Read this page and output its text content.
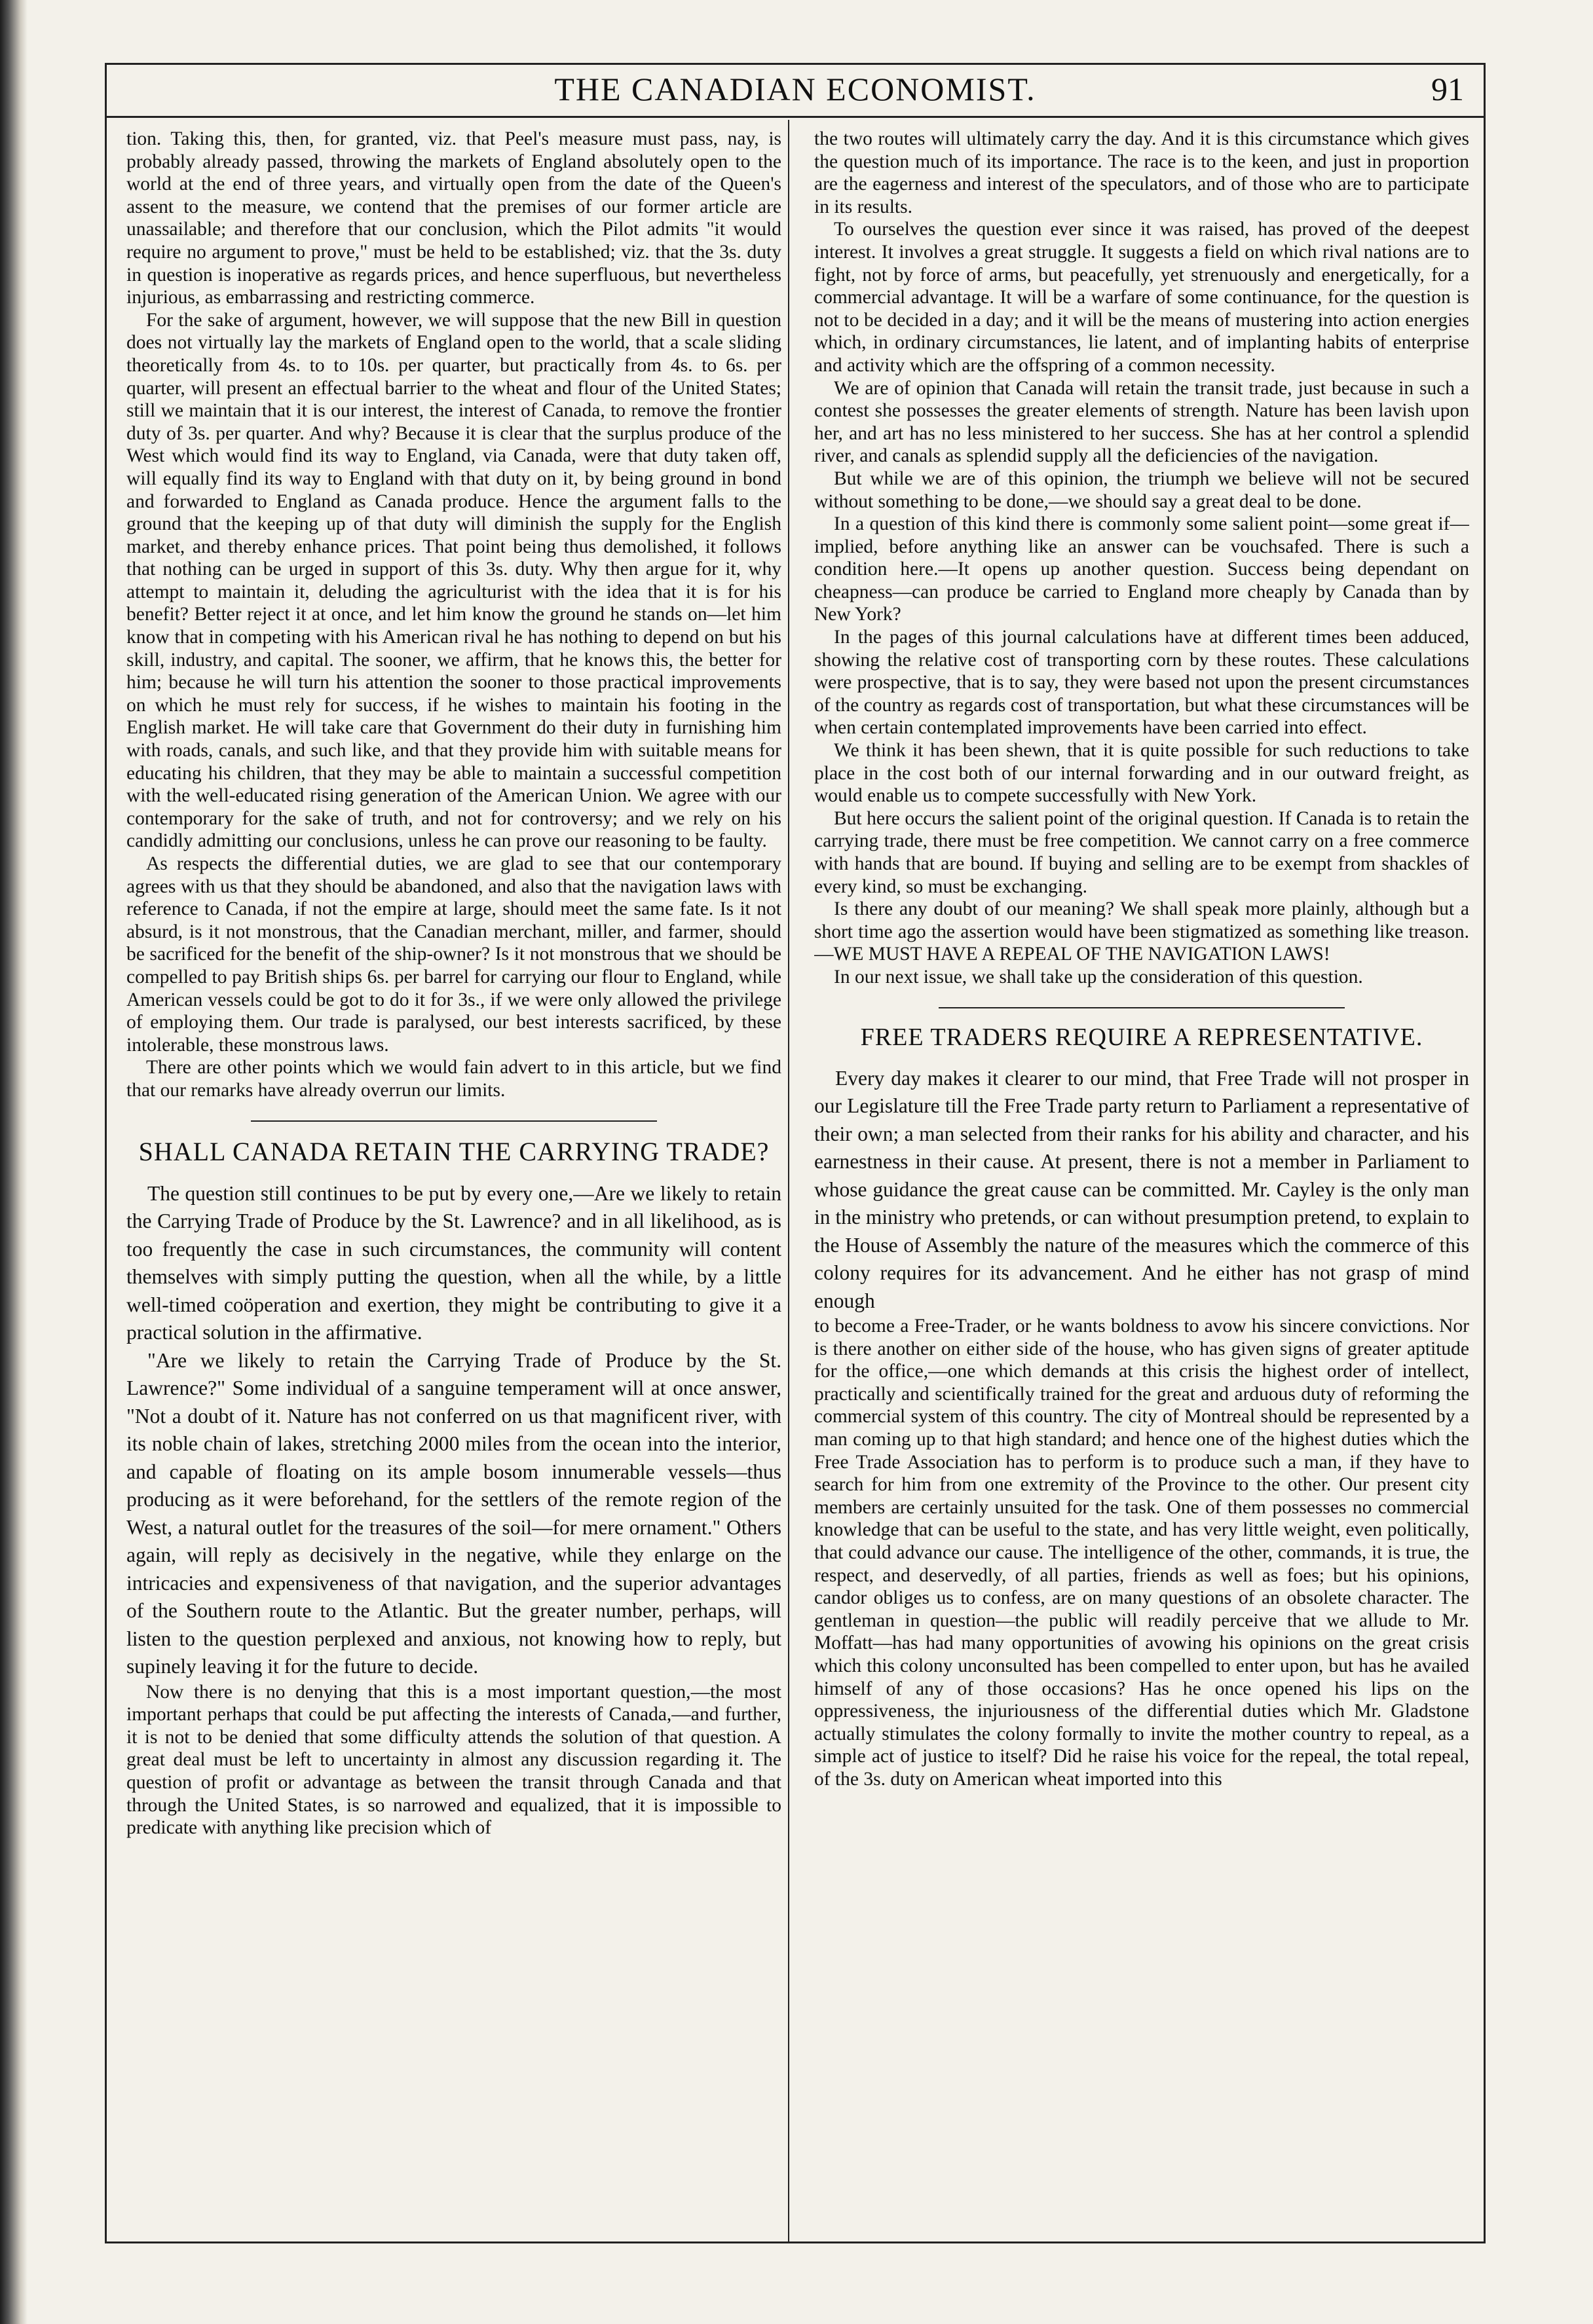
THE CANADIAN ECONOMIST.	91

tion. Taking this, then, for granted, viz. that Peel's measure must pass, nay, is probably already passed, throwing the markets of England absolutely open to the world at the end of three years, and virtually open from the date of the Queen's assent to the measure, we contend that the premises of our former article are unassailable; and therefore that our conclusion, which the Pilot admits "it would require no argument to prove," must be held to be established; viz. that the 3s. duty in question is inoperative as regards prices, and hence superfluous, but nevertheless injurious, as embarrassing and restricting commerce.

For the sake of argument, however, we will suppose that the new Bill in question does not virtually lay the markets of England open to the world, that a scale sliding theoretically from 4s. to to 10s. per quarter, but practically from 4s. to 6s. per quarter, will present an effectual barrier to the wheat and flour of the United States; still we maintain that it is our interest, the interest of Canada, to remove the frontier duty of 3s. per quarter. And why? Because it is clear that the surplus produce of the West which would find its way to England, via Canada, were that duty taken off, will equally find its way to England with that duty on it, by being ground in bond and forwarded to England as Canada produce. Hence the argument falls to the ground that the keeping up of that duty will diminish the supply for the English market, and thereby enhance prices. That point being thus demolished, it follows that nothing can be urged in support of this 3s. duty. Why then argue for it, why attempt to maintain it, deluding the agriculturist with the idea that it is for his benefit? Better reject it at once, and let him know the ground he stands on—let him know that in competing with his American rival he has nothing to depend on but his skill, industry, and capital. The sooner, we affirm, that he knows this, the better for him; because he will turn his attention the sooner to those practical improvements on which he must rely for success, if he wishes to maintain his footing in the English market. He will take care that Government do their duty in furnishing him with roads, canals, and such like, and that they provide him with suitable means for educating his children, that they may be able to maintain a successful competition with the well-educated rising generation of the American Union. We agree with our contemporary for the sake of truth, and not for controversy; and we rely on his candidly admitting our conclusions, unless he can prove our reasoning to be faulty.

As respects the differential duties, we are glad to see that our contemporary agrees with us that they should be abandoned, and also that the navigation laws with reference to Canada, if not the empire at large, should meet the same fate. Is it not absurd, is it not monstrous, that the Canadian merchant, miller, and farmer, should be sacrificed for the benefit of the ship-owner? Is it not monstrous that we should be compelled to pay British ships 6s. per barrel for carrying our flour to England, while American vessels could be got to do it for 3s., if we were only allowed the privilege of employing them. Our trade is paralysed, our best interests sacrificed, by these intolerable, these monstrous laws.

There are other points which we would fain advert to in this article, but we find that our remarks have already overrun our limits.

SHALL CANADA RETAIN THE CARRYING TRADE?

The question still continues to be put by every one,—Are we likely to retain the Carrying Trade of Produce by the St. Lawrence? and in all likelihood, as is too frequently the case in such circumstances, the community will content themselves with simply putting the question, when all the while, by a little well-timed coöperation and exertion, they might be contributing to give it a practical solution in the affirmative.

"Are we likely to retain the Carrying Trade of Produce by the St. Lawrence?" Some individual of a sanguine temperament will at once answer, "Not a doubt of it. Nature has not conferred on us that magnificent river, with its noble chain of lakes, stretching 2000 miles from the ocean into the interior, and capable of floating on its ample bosom innumerable vessels—thus producing as it were beforehand, for the settlers of the remote region of the West, a natural outlet for the treasures of the soil—for mere ornament." Others again, will reply as decisively in the negative, while they enlarge on the intricacies and expensiveness of that navigation, and the superior advantages of the Southern route to the Atlantic. But the greater number, perhaps, will listen to the question perplexed and anxious, not knowing how to reply, but supinely leaving it for the future to decide.

Now there is no denying that this is a most important question,—the most important perhaps that could be put affecting the interests of Canada,—and further, it is not to be denied that some difficulty attends the solution of that question. A great deal must be left to uncertainty in almost any discussion regarding it. The question of profit or advantage as between the transit through Canada and that through the United States, is so narrowed and equalized, that it is impossible to predicate with anything like precision which of

the two routes will ultimately carry the day. And it is this circumstance which gives the question much of its importance. The race is to the keen, and just in proportion are the eagerness and interest of the speculators, and of those who are to participate in its results.

To ourselves the question ever since it was raised, has proved of the deepest interest. It involves a great struggle. It suggests a field on which rival nations are to fight, not by force of arms, but peacefully, yet strenuously and energetically, for a commercial advantage. It will be a warfare of some continuance, for the question is not to be decided in a day; and it will be the means of mustering into action energies which, in ordinary circumstances, lie latent, and of implanting habits of enterprise and activity which are the offspring of a common necessity.

We are of opinion that Canada will retain the transit trade, just because in such a contest she possesses the greater elements of strength. Nature has been lavish upon her, and art has no less ministered to her success. She has at her control a splendid river, and canals as splendid supply all the deficiencies of the navigation.

But while we are of this opinion, the triumph we believe will not be secured without something to be done,—we should say a great deal to be done.

In a question of this kind there is commonly some salient point—some great if—implied, before anything like an answer can be vouchsafed. There is such a condition here.—It opens up another question. Success being dependant on cheapness—can produce be carried to England more cheaply by Canada than by New York?

In the pages of this journal calculations have at different times been adduced, showing the relative cost of transporting corn by these routes. These calculations were prospective, that is to say, they were based not upon the present circumstances of the country as regards cost of transportation, but what these circumstances will be when certain contemplated improvements have been carried into effect.

We think it has been shewn, that it is quite possible for such reductions to take place in the cost both of our internal forwarding and in our outward freight, as would enable us to compete successfully with New York.

But here occurs the salient point of the original question. If Canada is to retain the carrying trade, there must be free competition. We cannot carry on a free commerce with hands that are bound. If buying and selling are to be exempt from shackles of every kind, so must be exchanging.

Is there any doubt of our meaning? We shall speak more plainly, although but a short time ago the assertion would have been stigmatized as something like treason.—WE MUST HAVE A REPEAL OF THE NAVIGATION LAWS!

In our next issue, we shall take up the consideration of this question.

FREE TRADERS REQUIRE A REPRESENTATIVE.

Every day makes it clearer to our mind, that Free Trade will not prosper in our Legislature till the Free Trade party return to Parliament a representative of their own; a man selected from their ranks for his ability and character, and his earnestness in their cause. At present, there is not a member in Parliament to whose guidance the great cause can be committed. Mr. Cayley is the only man in the ministry who pretends, or can without presumption pretend, to explain to the House of Assembly the nature of the measures which the commerce of this colony requires for its advancement. And he either has not grasp of mind enough

to become a Free-Trader, or he wants boldness to avow his sincere convictions. Nor is there another on either side of the house, who has given signs of greater aptitude for the office,—one which demands at this crisis the highest order of intellect, practically and scientifically trained for the great and arduous duty of reforming the commercial system of this country. The city of Montreal should be represented by a man coming up to that high standard; and hence one of the highest duties which the Free Trade Association has to perform is to produce such a man, if they have to search for him from one extremity of the Province to the other. Our present city members are certainly unsuited for the task. One of them possesses no commercial knowledge that can be useful to the state, and has very little weight, even politically, that could advance our cause. The intelligence of the other, commands, it is true, the respect, and deservedly, of all parties, friends as well as foes; but his opinions, candor obliges us to confess, are on many questions of an obsolete character. The gentleman in question—the public will readily perceive that we allude to Mr. Moffatt—has had many opportunities of avowing his opinions on the great crisis which this colony unconsulted has been compelled to enter upon, but has he availed himself of any of those occasions? Has he once opened his lips on the oppressiveness, the injuriousness of the differential duties which Mr. Gladstone actually stimulates the colony formally to invite the mother country to repeal, as a simple act of justice to itself? Did he raise his voice for the repeal, the total repeal, of the 3s. duty on American wheat imported into this
